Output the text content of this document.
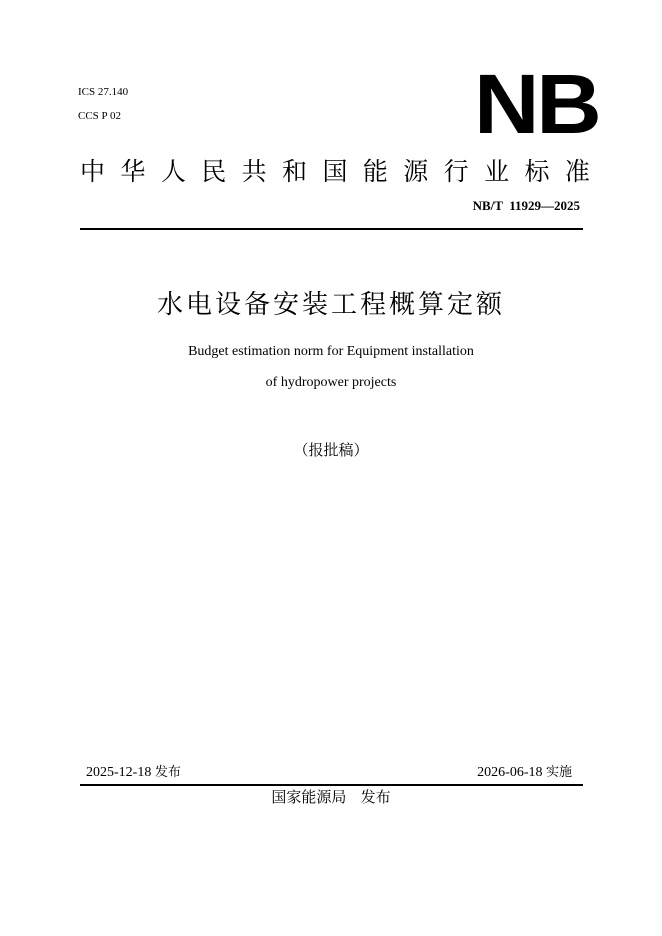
ICS 27.140
CCS P 02	NB
中 华 人 民 共 和 国 能 源 行 业 标 准
NB/T  11929—2025
水电设备安装工程概算定额
Budget estimation norm for Equipment installation
of hydropower projects
（报批稿）
2025-12-18 发布	2026-06-18 实施
国家能源局 发布
